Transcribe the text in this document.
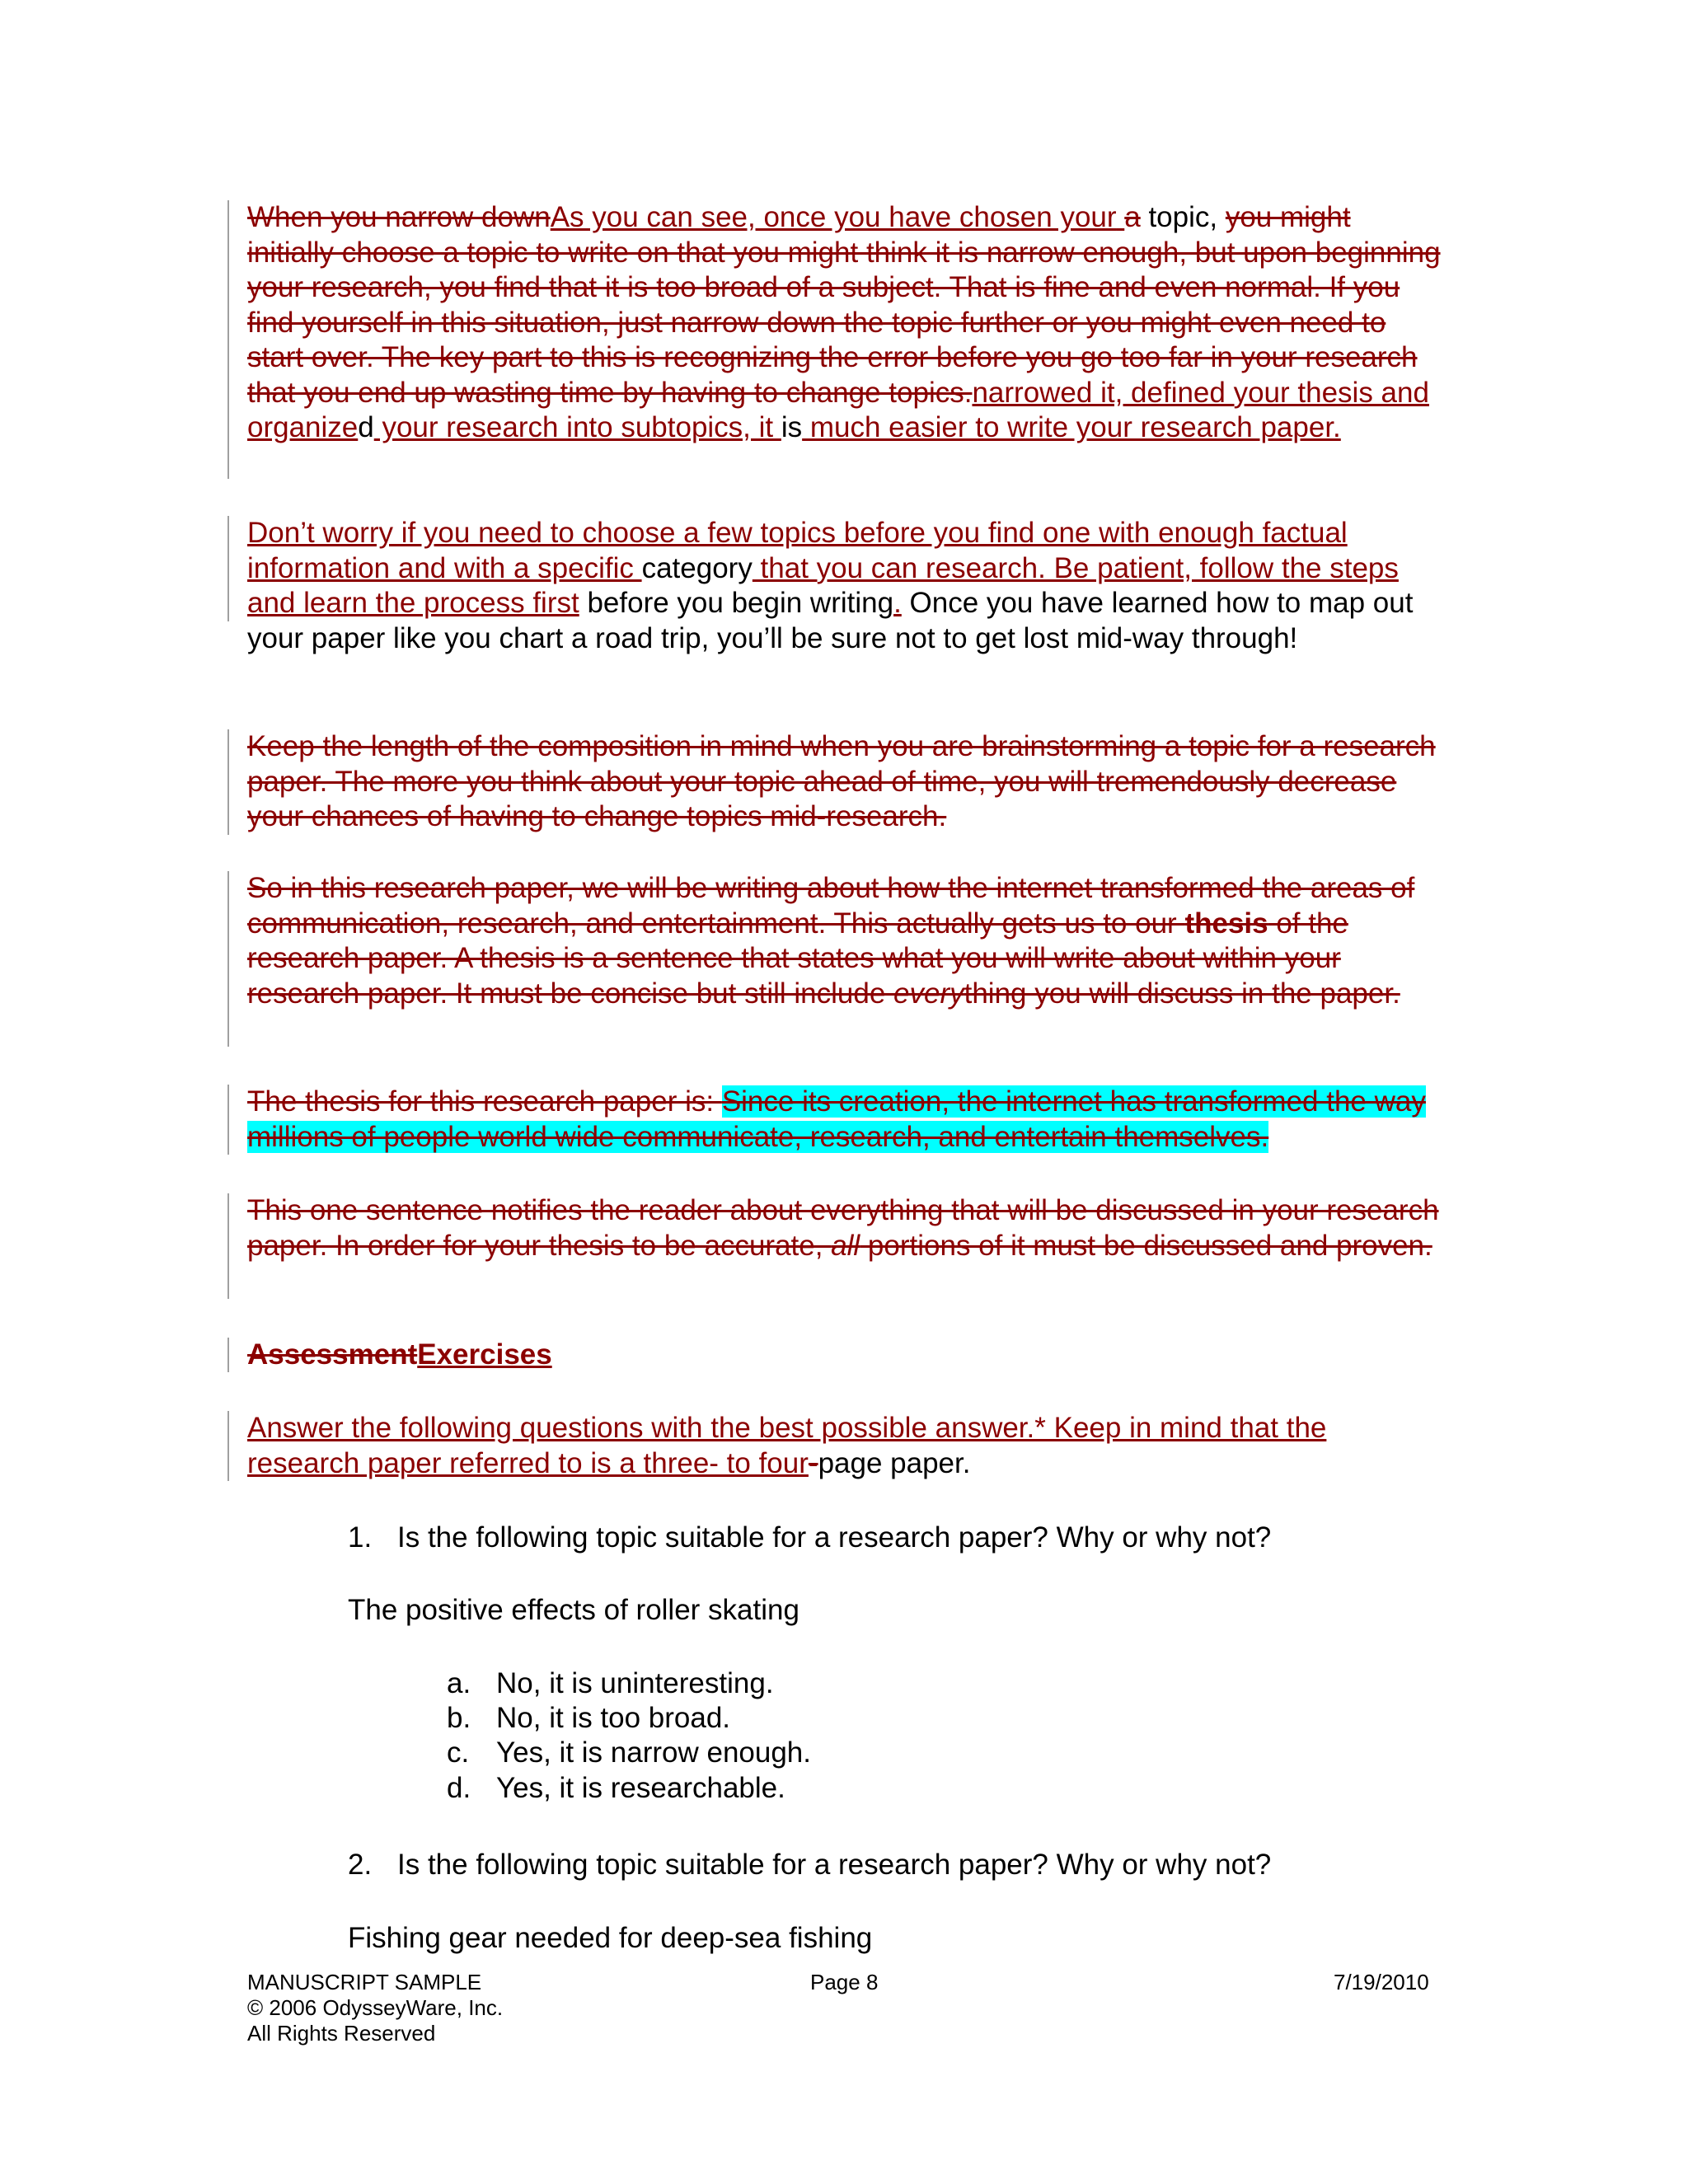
When you narrow downAs you can see, once you have chosen your a topic, you might initially choose a topic to write on that you might think it is narrow enough, but upon beginning your research, you find that it is too broad of a subject. That is fine and even normal. If you find yourself in this situation, just narrow down the topic further or you might even need to start over. The key part to this is recognizing the error before you go too far in your research that you end up wasting time by having to change topics.narrowed it, defined your thesis and organized your research into subtopics, it is much easier to write your research paper.
Don’t worry if you need to choose a few topics before you find one with enough factual information and with a specific category that you can research. Be patient, follow the steps and learn the process first before you begin writing. Once you have learned how to map out your paper like you chart a road trip, you’ll be sure not to get lost mid-way through!
Keep the length of the composition in mind when you are brainstorming a topic for a research paper. The more you think about your topic ahead of time, you will tremendously decrease your chances of having to change topics mid-research.
So in this research paper, we will be writing about how the internet transformed the areas of communication, research, and entertainment. This actually gets us to our thesis of the research paper. A thesis is a sentence that states what you will write about within your research paper. It must be concise but still include everything you will discuss in the paper.
The thesis for this research paper is: Since its creation, the internet has transformed the way millions of people world wide communicate, research, and entertain themselves.
This one sentence notifies the reader about everything that will be discussed in your research paper. In order for your thesis to be accurate, all portions of it must be discussed and proven.
AssessmentExercises
Answer the following questions with the best possible answer.* Keep in mind that the research paper referred to is a three- to four-page paper.
1. Is the following topic suitable for a research paper? Why or why not?
The positive effects of roller skating
a. No, it is uninteresting.
b. No, it is too broad.
c. Yes, it is narrow enough.
d. Yes, it is researchable.
2. Is the following topic suitable for a research paper? Why or why not?
Fishing gear needed for deep-sea fishing
MANUSCRIPT SAMPLE
© 2006 OdysseyWare, Inc.
All Rights Reserved
Page 8	7/19/2010
